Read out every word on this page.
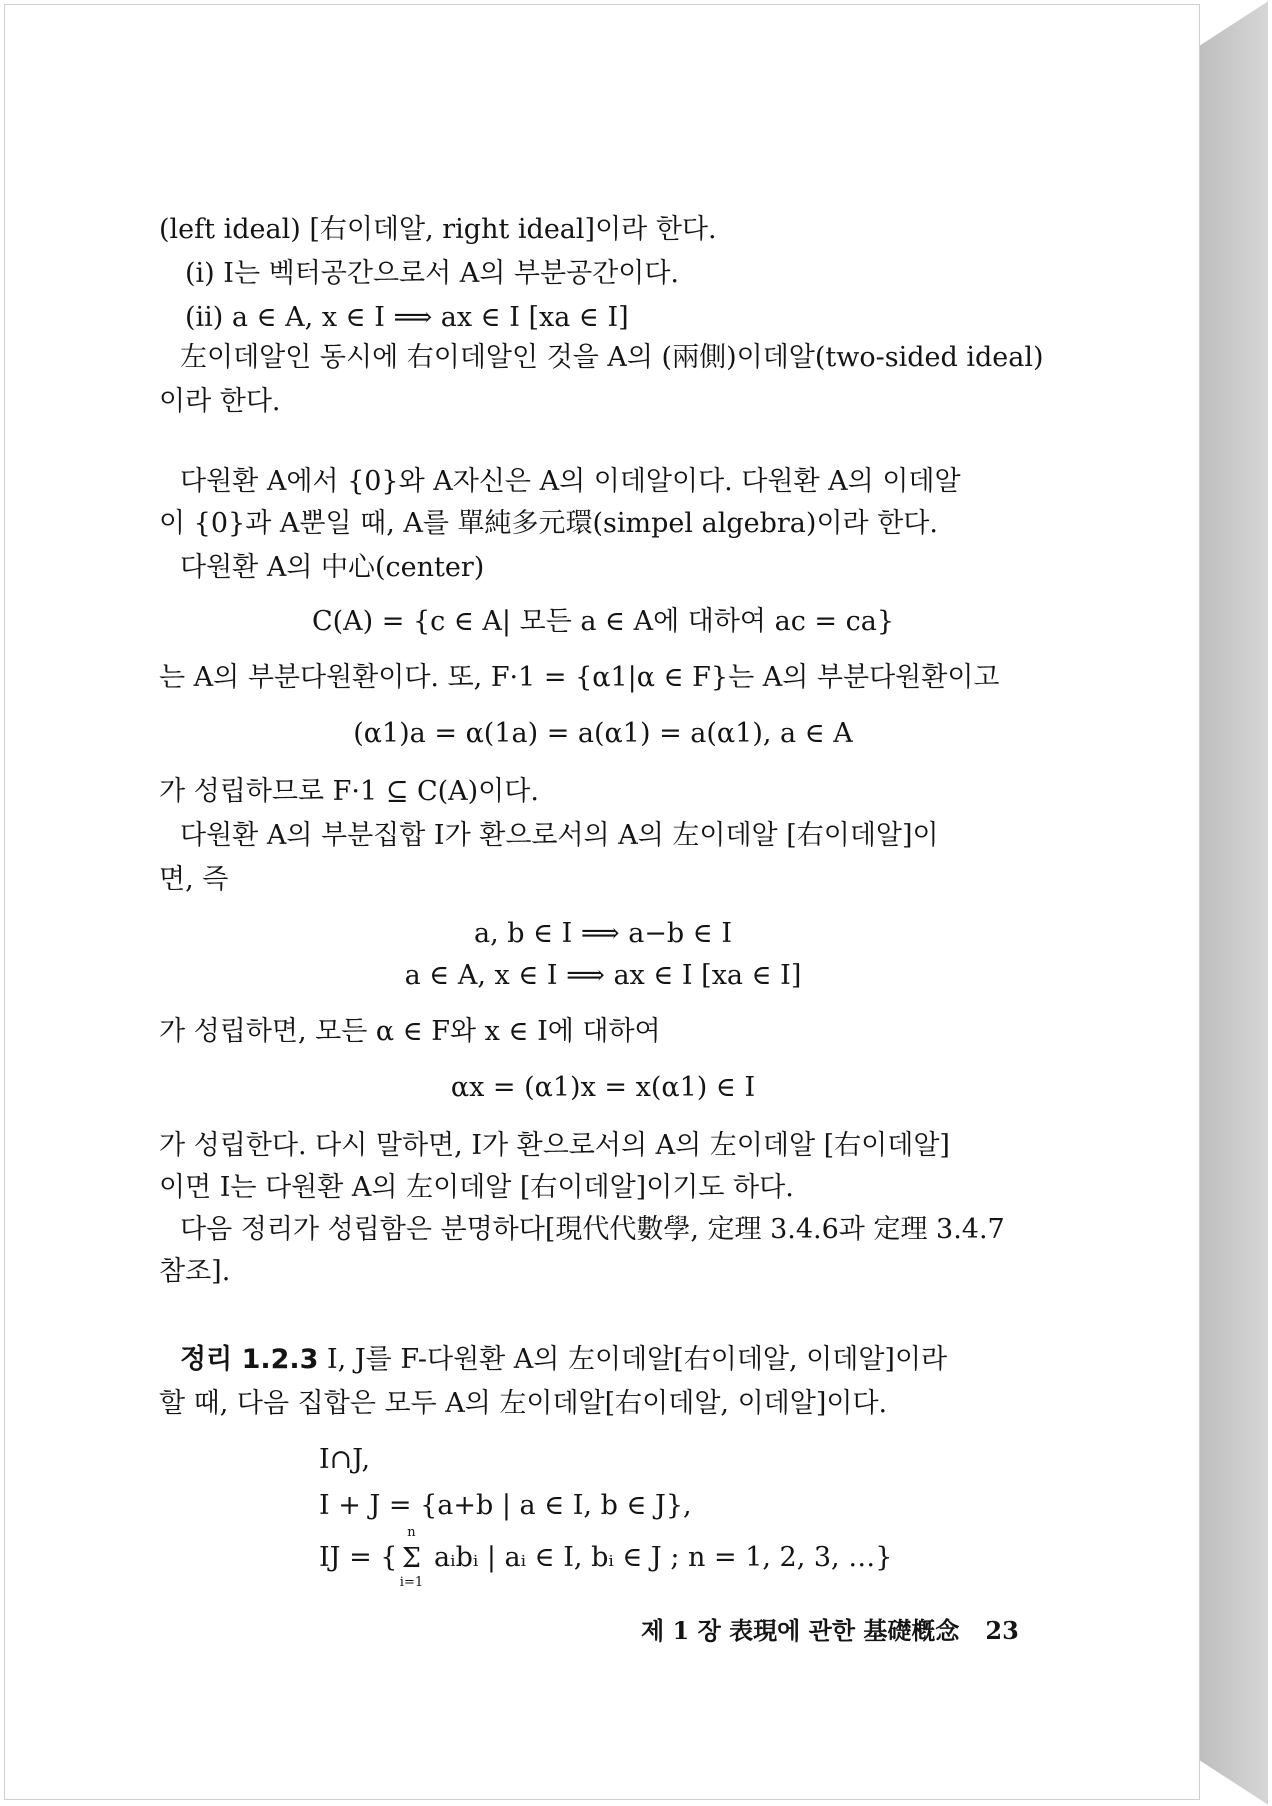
(left ideal) [右이데알, right ideal]이라 한다.
(i) I는 벡터공간으로서 A의 부분공간이다.
(ii) a ∈ A, x ∈ I ⟹ ax ∈ I [xa ∈ I]
左이데알인 동시에 右이데알인 것을 A의 (兩側)이데알(two-sided ideal)
이라 한다.
다원환 A에서 {0}와 A자신은 A의 이데알이다. 다원환 A의 이데알
이 {0}과 A뿐일 때, A를 單純多元環(simpel algebra)이라 한다.
다원환 A의 中心(center)
C(A) = {c ∈ A| 모든 a ∈ A에 대하여 ac = ca}
는 A의 부분다원환이다. 또, F·1 = {α1|α ∈ F}는 A의 부분다원환이고
(α1)a = α(1a) = a(α1) = a(α1), a ∈ A
가 성립하므로 F·1 ⊆ C(A)이다.
다원환 A의 부분집합 I가 환으로서의 A의 左이데알 [右이데알]이
면, 즉
a, b ∈ I ⟹ a−b ∈ I
a ∈ A, x ∈ I ⟹ ax ∈ I [xa ∈ I]
가 성립하면, 모든 α ∈ F와 x ∈ I에 대하여
αx = (α1)x = x(α1) ∈ I
가 성립한다. 다시 말하면, I가 환으로서의 A의 左이데알 [右이데알]
이면 I는 다원환 A의 左이데알 [右이데알]이기도 하다.
다음 정리가 성립함은 분명하다[現代代數學, 定理 3.4.6과 定理 3.4.7
참조].
정리 1.2.3 I, J를 F-다원환 A의 左이데알[右이데알, 이데알]이라
할 때, 다음 집합은 모두 A의 左이데알[右이데알, 이데알]이다.
I∩J,
I + J = {a+b | a ∈ I, b ∈ J},
IJ = {
n
Σ
i=1
aᵢbᵢ | aᵢ ∈ I, bᵢ ∈ J ; n = 1, 2, 3, …}
제 1 장 表現에 관한 基礎槪念 23
